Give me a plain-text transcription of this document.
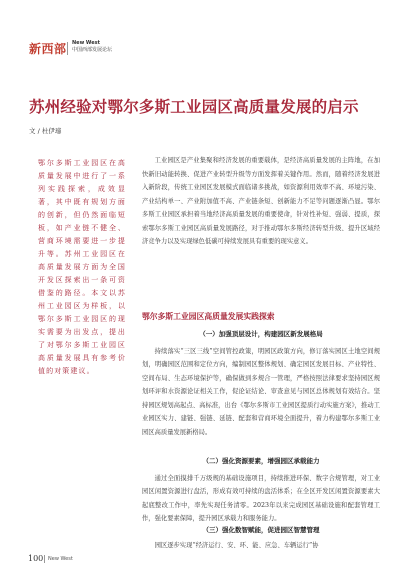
新西部 New West
中国西部发展论坛
苏州经验对鄂尔多斯工业园区高质量发展的启示
文 / 杜伊璿
鄂尔多斯工业园区在高质量发展中进行了一系列实践探索，成效显著，其中既有规划方面的创新，但仍然面临短板，如产业链不健全、营商环境需要进一步提升等。苏州工业园区在高质量发展方面为全国开发区探索出一条可资借鉴的路径。本文以苏州工业园区为样板，以鄂尔多斯工业园区的现实需要为出发点，提出了对鄂尔多斯工业园区高质量发展具有参考价值的对策建议。

工业园区是产业集聚和经济发展的重要载体，是经济高质量发展的主阵地，在加快新旧动能转换、促进产业转型升级等方面发挥着关键作用。然而，随着经济发展进入新阶段，传统工业园区发展模式面临诸多挑战，如资源利用效率不高、环境污染、产业结构单一、产业附加值不高、产业链条短、创新能力不足等问题逐渐凸显。鄂尔多斯工业园区承担着当地经济高质量发展的重要使命，针对性补短、强弱、提质，探索鄂尔多斯工业园区高质量发展路径，对于推动鄂尔多斯经济转型升级、提升区域经济竞争力以及实现绿色低碳可持续发展具有重要的现实意义。

鄂尔多斯工业园区高质量发展实践探索
（一）加强顶层设计，构建园区新发展格局

持续落实“三区三线”空间管控政策，明园区政策方向，修订落实园区土地空间规划，明确园区范围和定位方向，编制园区整体规划、确定园区发展目标、产业特性、空间布局、生态环境保护等，确保做到多规合一管理，严格按照法律要求坚持园区规划环评和水资源论证相关工作，促论证结论、审查意见与园区总体规划有效结合。坚持园区规划高起点、高标准，出台《鄂尔多斯市工业园区提质行动实施方案》，推动工业园区实力、建链、强链、延链、配套和营商环境全面提升，着力构建鄂尔多斯工业园区高质量发展新格局。

（二）强化资源要素，增强园区承载能力

通过全面摸排千万级规的基础设施项目，持续推进环保、数字合规管理，对工业园区闲置资源进行盘活，形成有效可持续的盘活体系；在全区开发区闲置资源要素大起底整改工作中，率先实现任务清零。2023年以来完成园区基础设施和配套管理工作，强化要素保障，提升园区承载力和服务能力。

（三）强化数智赋能，促进园区智慧管理

园区逐步实现“经济运行、安、环、能、应急、车辆运行”协

100 New West
